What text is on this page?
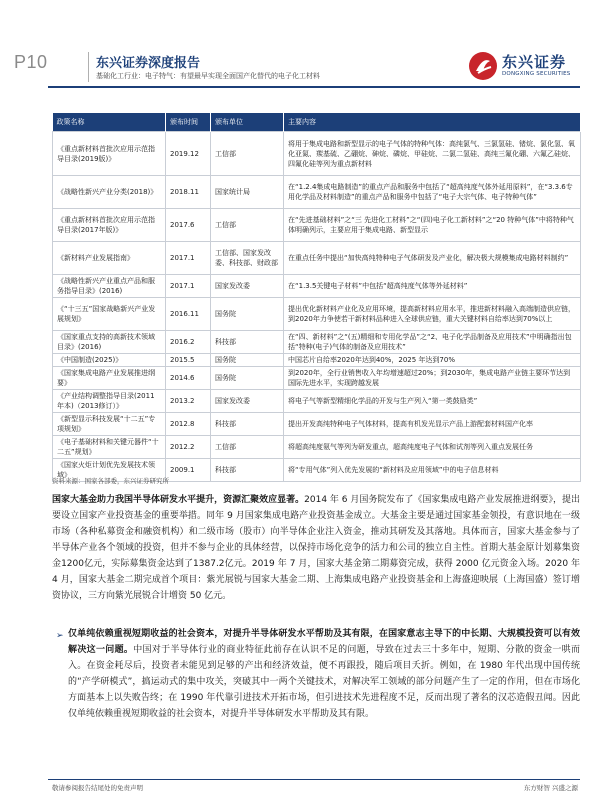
P10	东兴证券深度报告
基础化工行业：电子特气：有望最早实现全面国产化替代的电子化工材料
东兴证券
DONGXING SECURITIES
政策名称	颁布时间	颁布单位	主要内容
《重点新材料首批次应用示范指导目录(2019版)》	2019.12	工信部	将用于集成电路和新型显示的电子气体的特种气体：高纯氯气、三氯氢硅、锗烷、氯化氢、氧化亚氮、羰基硫、乙硼烷、砷烷、磷烷、甲硅烷、二氯二氢硅、高纯三氟化硼、六氟乙硅烷、四氟化硅等列为重点新材料
《战略性新兴产业分类(2018)》	2018.11	国家统计局	在“1.2.4集成电路制造”的重点产品和服务中包括了“超高纯度气体外延用原料”，在“3.3.6专用化学品及材料制造”的重点产品和服务中包括了“电子大宗气体、电子特种气体”
《重点新材料首批次应用示范指导目录(2017年版)》	2017.6	工信部	在“先进基础材料”之“三 先进化工材料”之“(四)电子化工新材料”之“20 特种气体”中将特种气体明确列示，主要应用于集成电路、新型显示
《新材料产业发展指南》	2017.1	工信部、国家发改委、科技部、财政部	在重点任务中提出“加快高纯特种电子气体研发及产业化，解决极大规模集成电路材料制约”
《战略性新兴产业重点产品和服务指导目录》(2016)	2017.1	国家发改委	在“1.3.5关键电子材料”中包括“超高纯度气体等外延材料”
《“十三五”国家战略新兴产业发展规划》	2016.11	国务院	提出优化新材料产业化及应用环境，提高新材料应用水平，推进新材料融入高端制造供应链，到2020年力争使若干新材料品种进入全球供应链，重大关键材料自给率达到70%以上
《国家重点支持的高新技术领域目录》(2016)	2016.2	科技部	在“四、新材料”之“(五)精细和专用化学品”之“2、电子化学品制备及应用技术”中明确指出包括“特种(电子)气体的制备及应用技术”
《中国制造(2025)》	2015.5	国务院	中国芯片自给率2020年达到40%，2025 年达到70%
《国家集成电路产业发展推进纲要》	2014.6	国务院	到2020年，全行业销售收入年均增速超过20%；到2030年，集成电路产业链主要环节达到国际先进水平，实现跨越发展
《产业结构调整指导目录(2011年本)（2013修订）》	2013.2	国家发改委	将电子气等新型精细化学品的开发与生产列入“第一类鼓励类”
《新型显示科技发展“十二五”专项规划》	2012.8	科技部	提出开发高纯特种电子气体材料，提高有机发光显示产品上游配套材料国产化率
《电子基础材料和关键元器件“十二五”规划》	2012.2	工信部	将超高纯度氨气等列为研发重点，超高纯度电子气体和试剂等列入重点发展任务
《国家火炬计划优先发展技术领域》	2009.1	科技部	将“专用气体”列入优先发展的“新材料及应用领域”中的电子信息材料
资料来源：国家各部委，东兴证券研究所
国家大基金助力我国半导体研发水平提升，资源汇聚效应显著。2014 年 6 月国务院发布了《国家集成电路产业发展推进纲要》，提出要设立国家产业投资基金的重要举措。同年 9 月国家集成电路产业投资基金成立。大基金主要是通过国家基金领投，有意识地在一级市场（各种私募资金和融资机构）和二级市场（股市）向半导体企业注入资金，推动其研发及其落地。具体而言，国家大基金参与了半导体产业各个领域的投资，但并不参与企业的具体经营，以保持市场化竞争的活力和公司的独立自主性。首期大基金原计划募集资金1200亿元，实际募集资金达到了1387.2亿元。2019 年 7 月，国家大基金第二期募资完成，获得 2000 亿元资金入场。2020 年 4 月，国家大基金二期完成首个项目：紫光展锐与国家大基金二期、上海集成电路产业投资基金和上海盛迎映展（上海国盛）签订增资协议，三方向紫光展锐合计增资 50 亿元。
➢ 仅单纯依赖重视短期收益的社会资本，对提升半导体研发水平帮助及其有限，在国家意志主导下的中长期、大规模投资可以有效解决这一问题。中国对于半导体行业的商业特征此前存在认识不足的问题，导致在过去三十多年中，短期、分散的资金一哄而入。在资金耗尽后，投资者未能见到足够的产出和经济效益，便不再跟投，随后项目夭折。例如，在 1980 年代出现中国传统的“产学研模式”，搞运动式的集中攻关，突破其中一两个关键技术，对解决军工领域的部分问题产生了一定的作用，但在市场化方面基本上以失败告终；在 1990 年代靠引进技术开拓市场，但引进技术先进程度不足，反而出现了著名的汉芯造假丑闻。因此仅单纯依赖重视短期收益的社会资本，对提升半导体研发水平帮助及其有限。
敬请参阅报告结尾处的免责声明	东方财智 兴盛之源
